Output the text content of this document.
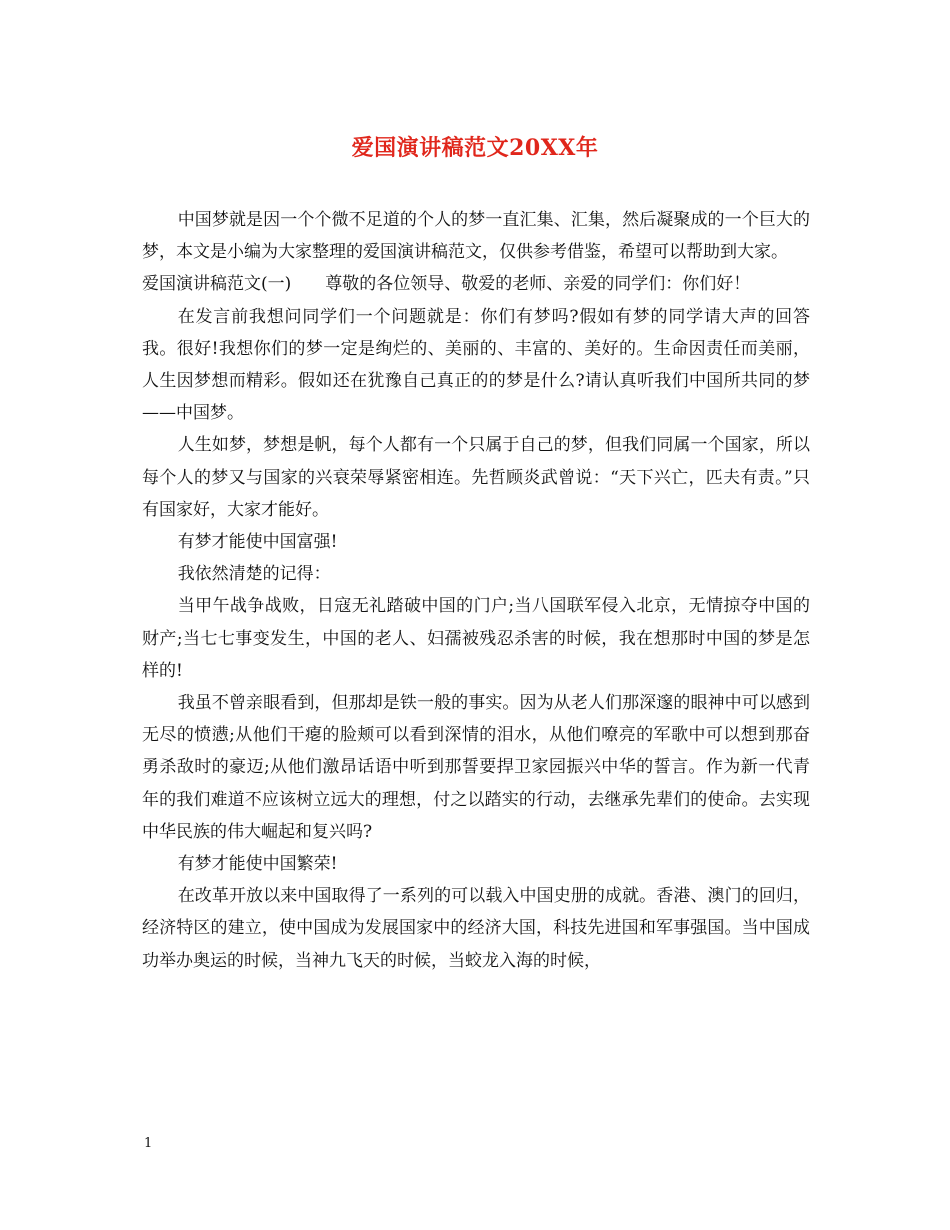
爱国演讲稿范文20XX年

中国梦就是因一个个微不足道的个人的梦一直汇集、汇集，然后凝聚成的一个巨大的梦，本文是小编为大家整理的爱国演讲稿范文，仅供参考借鉴，希望可以帮助到大家。

爱国演讲稿范文(一) 尊敬的各位领导、敬爱的老师、亲爱的同学们：你们好！

在发言前我想问同学们一个问题就是：你们有梦吗?假如有梦的同学请大声的回答我。很好!我想你们的梦一定是绚烂的、美丽的、丰富的、美好的。生命因责任而美丽，人生因梦想而精彩。假如还在犹豫自己真正的的梦是什么?请认真听我们中国所共同的梦——中国梦。

人生如梦，梦想是帆，每个人都有一个只属于自己的梦，但我们同属一个国家，所以每个人的梦又与国家的兴衰荣辱紧密相连。先哲顾炎武曾说：“天下兴亡，匹夫有责。”只有国家好，大家才能好。

有梦才能使中国富强!

我依然清楚的记得：

当甲午战争战败，日寇无礼踏破中国的门户;当八国联军侵入北京，无情掠夺中国的财产;当七七事变发生，中国的老人、妇孺被残忍杀害的时候，我在想那时中国的梦是怎样的!

我虽不曾亲眼看到，但那却是铁一般的事实。因为从老人们那深邃的眼神中可以感到无尽的愤懑;从他们干瘪的脸颊可以看到深情的泪水，从他们嘹亮的军歌中可以想到那奋勇杀敌时的豪迈;从他们激昂话语中听到那誓要捍卫家园振兴中华的誓言。作为新一代青年的我们难道不应该树立远大的理想，付之以踏实的行动，去继承先辈们的使命。去实现中华民族的伟大崛起和复兴吗?

有梦才能使中国繁荣!

在改革开放以来中国取得了一系列的可以载入中国史册的成就。香港、澳门的回归，经济特区的建立，使中国成为发展国家中的经济大国，科技先进国和军事强国。当中国成功举办奥运的时候，当神九飞天的时候，当蛟龙入海的时候，

1
